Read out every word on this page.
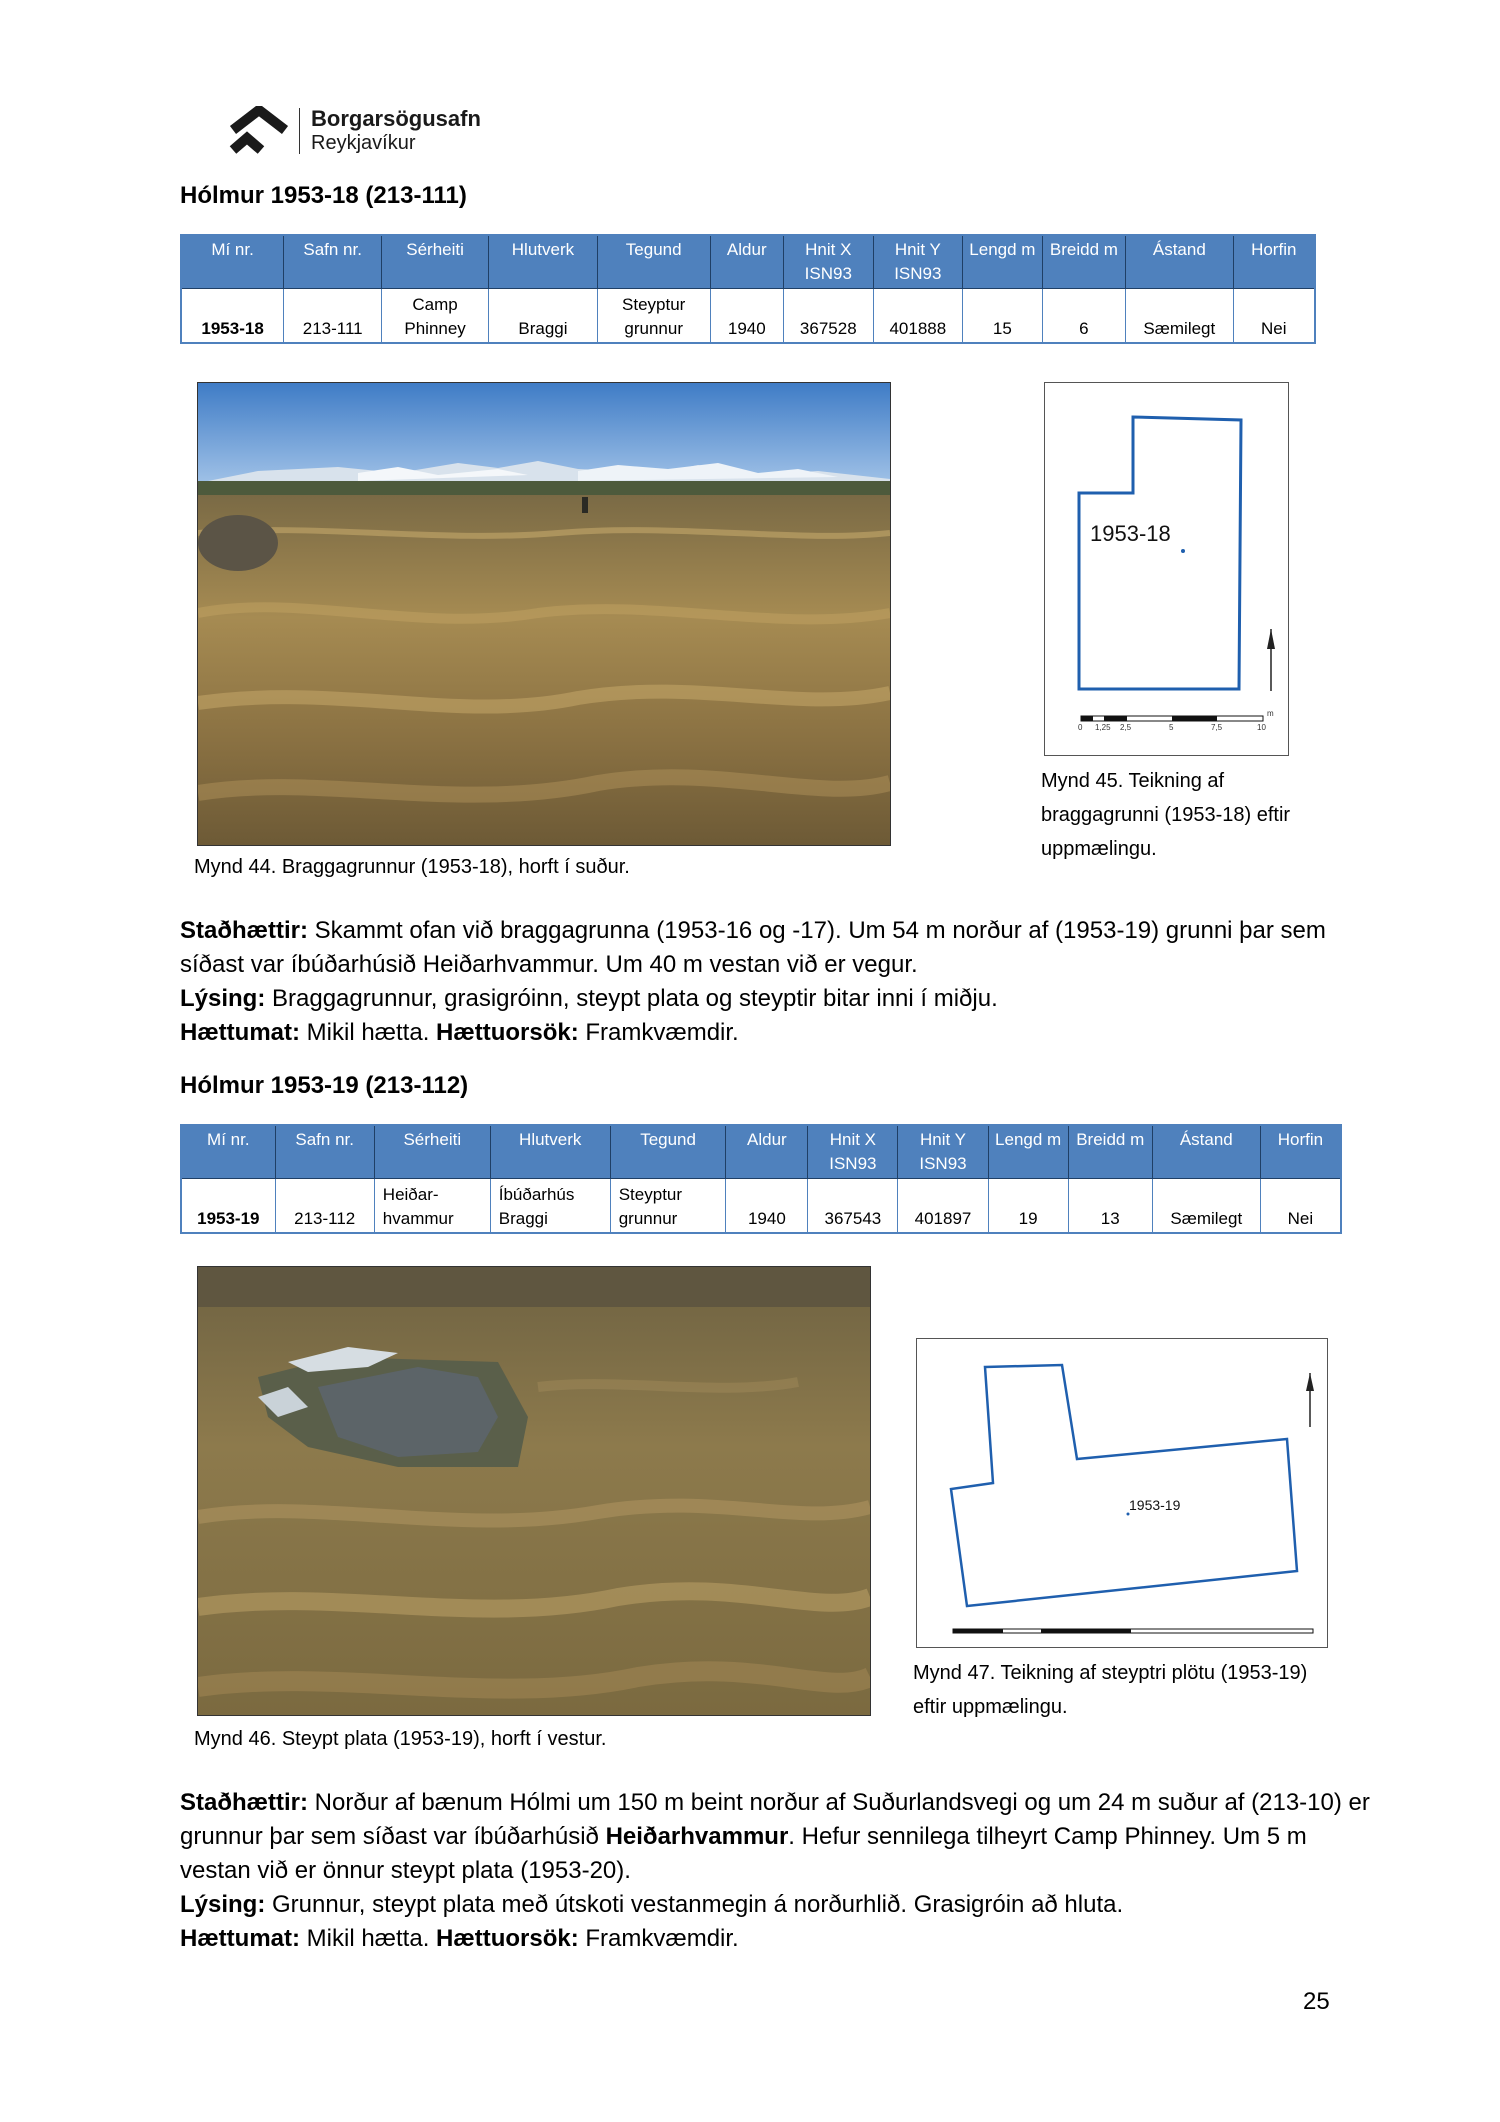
Borgarsögusafn
Reykjavíkur
Hólmur 1953-18 (213-111)
Mí nr.	Safn nr.	Sérheiti	Hlutverk	Tegund	Aldur	Hnit X ISN93	Hnit Y ISN93	Lengd m	Breidd m	Ástand	Horfin
1953-18	213-111	Camp Phinney	Braggi	Steyptur grunnur	1940	367528	401888	15	6	Sæmilegt	Nei
Mynd 44. Braggagrunnur (1953-18), horft í suður.
1953-18
0 1,25 2,5	5	7,5	10
m
Mynd 45. Teikning af braggagrunni (1953-18) eftir uppmælingu.
Staðhættir: Skammt ofan við braggagrunna (1953-16 og -17). Um 54 m norður af (1953-19) grunni þar sem síðast var íbúðarhúsið Heiðarhvammur. Um 40 m vestan við er vegur.
Lýsing: Braggagrunnur, grasigróinn, steypt plata og steyptir bitar inni í miðju.
Hættumat: Mikil hætta. Hættuorsök: Framkvæmdir.
Hólmur 1953-19 (213-112)
Mí nr.	Safn nr.	Sérheiti	Hlutverk	Tegund	Aldur	Hnit X ISN93	Hnit Y ISN93	Lengd m	Breidd m	Ástand	Horfin
1953-19	213-112	Heiðar-hvammur	Íbúðarhús Braggi	Steyptur grunnur	1940	367543	401897	19	13	Sæmilegt	Nei
Mynd 46. Steypt plata (1953-19), horft í vestur.
1953-19
Mynd 47. Teikning af steyptri plötu (1953-19) eftir uppmælingu.
Staðhættir: Norður af bænum Hólmi um 150 m beint norður af Suðurlandsvegi og um 24 m suður af (213-10) er grunnur þar sem síðast var íbúðarhúsið Heiðarhvammur. Hefur sennilega tilheyrt Camp Phinney. Um 5 m vestan við er önnur steypt plata (1953-20).
Lýsing: Grunnur, steypt plata með útskoti vestanmegin á norðurhlið. Grasigróin að hluta.
Hættumat: Mikil hætta. Hættuorsök: Framkvæmdir.
25
